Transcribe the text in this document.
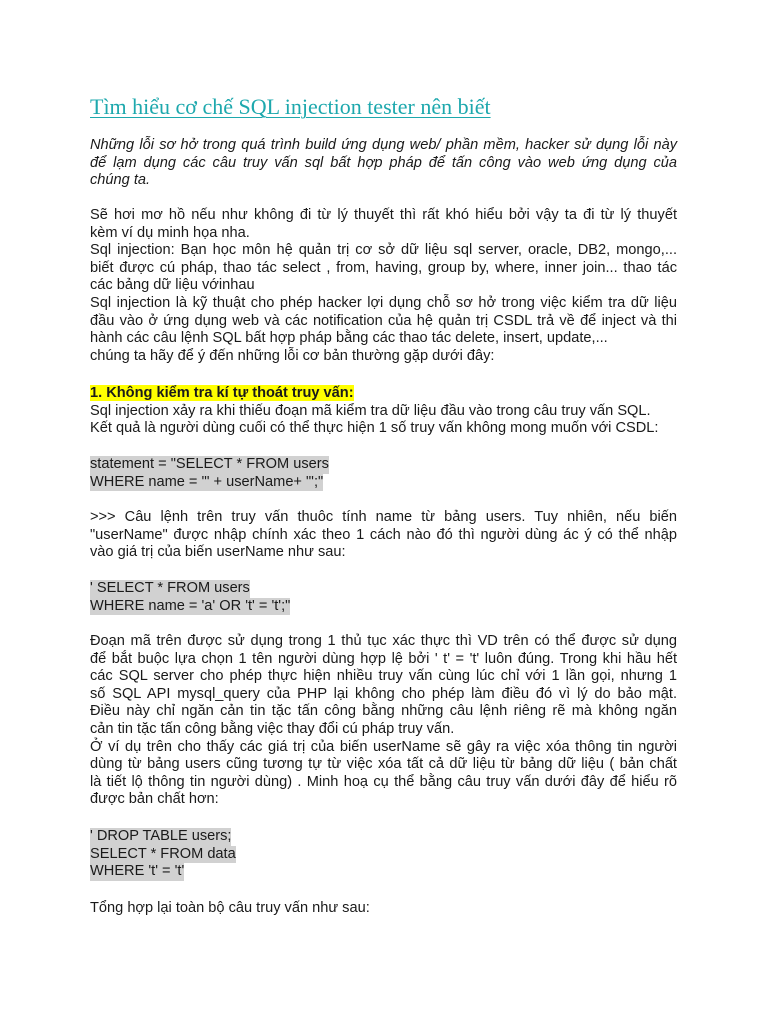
Tìm hiểu cơ chế SQL injection tester nên biết
Những lỗi sơ hở trong quá trình build ứng dụng web/ phần mềm, hacker sử dụng lỗi này
để lạm dụng các câu truy vấn sql bất hợp pháp để tấn công vào web ứng dụng của
chúng ta.
Sẽ hơi mơ hồ nếu như không đi từ lý thuyết thì rất khó hiểu bởi vậy ta đi từ lý thuyết
kèm ví dụ minh họa nha.
Sql injection: Bạn học môn hệ quản trị cơ sở dữ liệu sql server, oracle, DB2, mongo,...
biết được cú pháp, thao tác select , from, having, group by, where, inner join... thao tác
các bảng dữ liệu vớinhau
Sql injection là kỹ thuật cho phép hacker lợi dụng chỗ sơ hở trong việc kiểm tra dữ liệu
đầu vào ở ứng dụng web và các notification của hệ quản trị CSDL trả về để inject và thi
hành các câu lệnh SQL bất hợp pháp bằng các thao tác delete, insert, update,...
chúng ta hãy để ý đến những lỗi cơ bản thường gặp dưới đây:
1. Không kiểm tra kí tự thoát truy vấn:
Sql injection xảy ra khi thiếu đoạn mã kiểm tra dữ liệu đầu vào trong câu truy vấn SQL.
Kết quả là người dùng cuối có thể thực hiện 1 số truy vấn không mong muốn với CSDL:
statement = "SELECT * FROM users
WHERE name = '" + userName+ "';"
>>> Câu lệnh trên truy vấn thuôc tính name từ bảng users. Tuy nhiên, nếu biến
"userName" được nhập chính xác theo 1 cách nào đó thì người dùng ác ý có thể nhập
vào giá trị của biến userName như sau:
' SELECT * FROM users
WHERE name = 'a' OR 't' = 't';"
Đoạn mã trên được sử dụng trong 1 thủ tục xác thực thì VD trên có thể được sử dụng
để bắt buộc lựa chọn 1 tên người dùng hợp lệ bởi ' t' = 't' luôn đúng. Trong khi hầu hết
các SQL server cho phép thực hiện nhiều truy vấn cùng lúc chỉ với 1 lần gọi, nhưng 1
số SQL API mysql_query của PHP lại không cho phép làm điều đó vì lý do bảo mật.
Điều này chỉ ngăn cản tin tặc tấn công bằng những câu lệnh riêng rẽ mà không ngăn
cản tin tặc tấn công bằng việc thay đổi cú pháp truy vấn.
Ở ví dụ trên cho thấy các giá trị của biến userName sẽ gây ra việc xóa thông tin người
dùng từ bảng users cũng tương tự từ việc xóa tất cả dữ liệu từ bảng dữ liệu ( bản chất
là tiết lộ thông tin người dùng) . Minh hoạ cụ thể bằng câu truy vấn dưới đây để hiểu rõ
được bản chất hơn:
' DROP TABLE users;
SELECT * FROM data
WHERE 't' = 't'
Tổng hợp lại toàn bộ câu truy vấn như sau:
